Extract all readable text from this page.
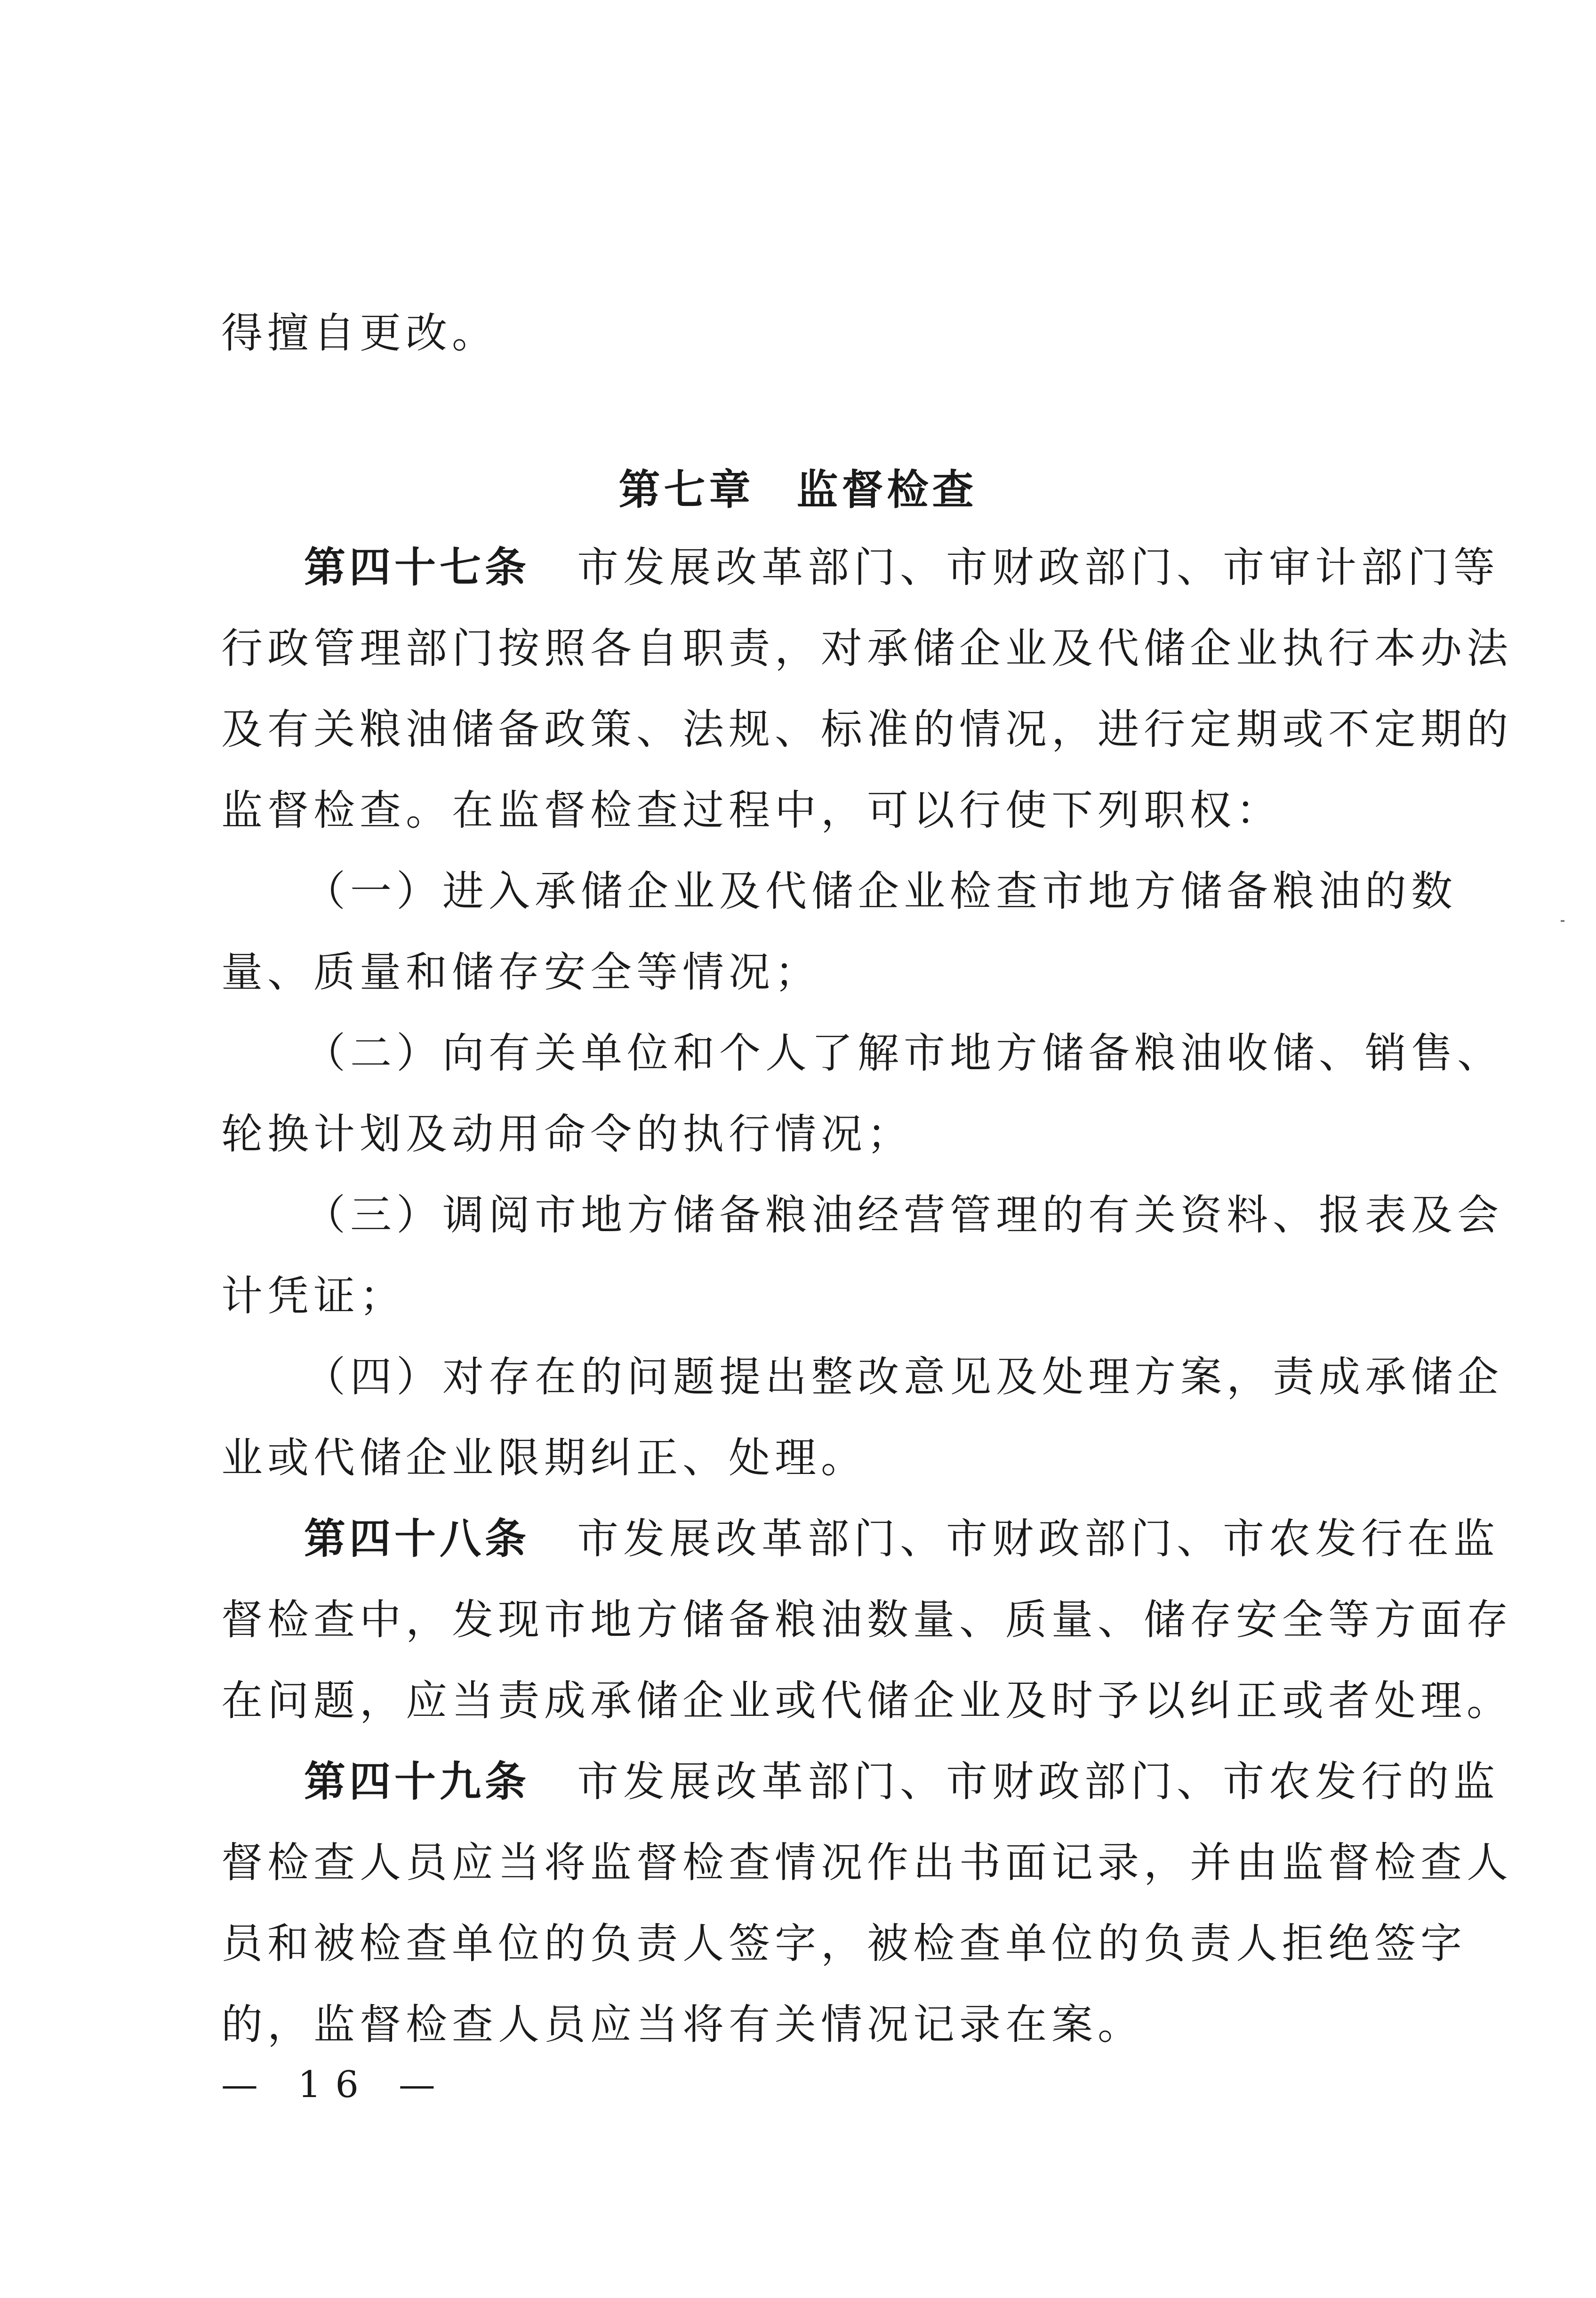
得擅自更改。
第七章 监督检查
第四十七条 市发展改革部门、市财政部门、市审计部门等
行政管理部门按照各自职责，对承储企业及代储企业执行本办法
及有关粮油储备政策、法规、标准的情况，进行定期或不定期的
监督检查。在监督检查过程中，可以行使下列职权：
（一）进入承储企业及代储企业检查市地方储备粮油的数
量、质量和储存安全等情况；
（二）向有关单位和个人了解市地方储备粮油收储、销售、
轮换计划及动用命令的执行情况；
（三）调阅市地方储备粮油经营管理的有关资料、报表及会
计凭证；
（四）对存在的问题提出整改意见及处理方案，责成承储企
业或代储企业限期纠正、处理。
第四十八条 市发展改革部门、市财政部门、市农发行在监
督检查中，发现市地方储备粮油数量、质量、储存安全等方面存
在问题，应当责成承储企业或代储企业及时予以纠正或者处理。
第四十九条 市发展改革部门、市财政部门、市农发行的监
督检查人员应当将监督检查情况作出书面记录，并由监督检查人
员和被检查单位的负责人签字，被检查单位的负责人拒绝签字
的，监督检查人员应当将有关情况记录在案。
— 16 —
